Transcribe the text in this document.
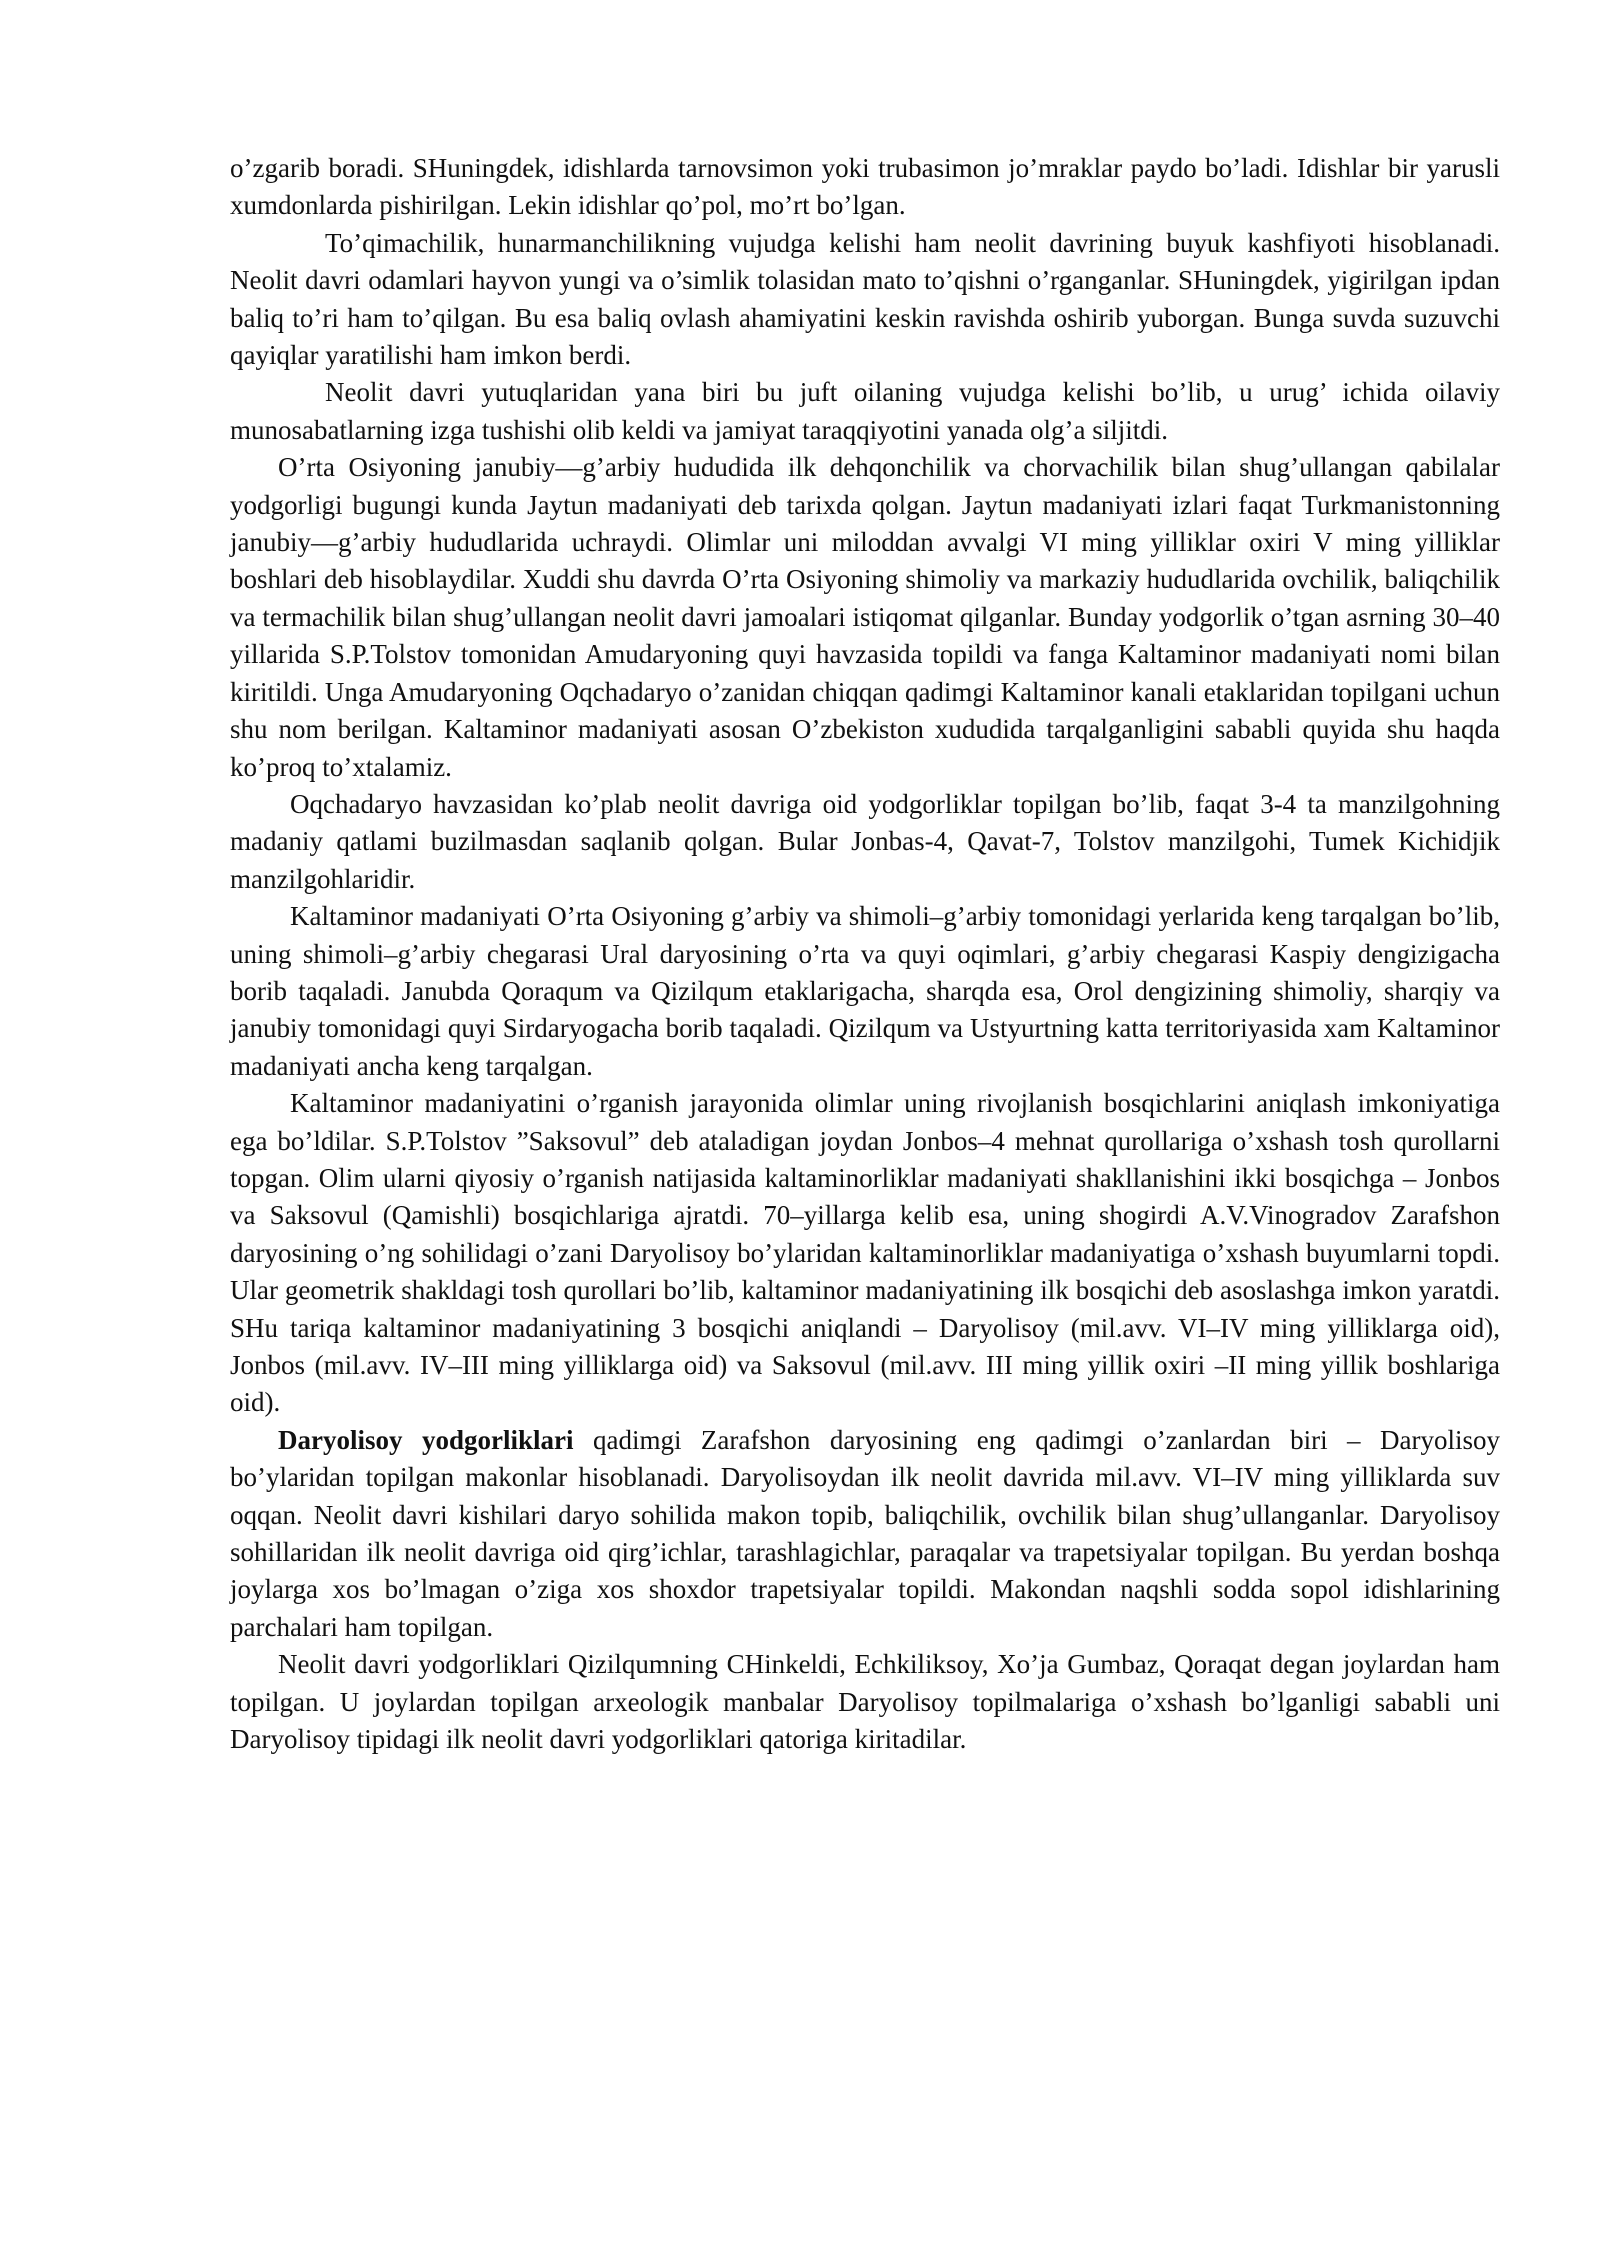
o’zgarib boradi. SHuningdek, idishlarda tarnovsimon yoki trubasimon jo’mraklar paydo bo’ladi. Idishlar bir yarusli xumdonlarda pishirilgan. Lekin idishlar qo’pol, mo’rt bo’lgan.

To’qimachilik, hunarmanchilikning vujudga kelishi ham neolit davrining buyuk kashfiyoti hisoblanadi. Neolit davri odamlari hayvon yungi va o’simlik tolasidan mato to’qishni o’rganganlar. SHuningdek, yigirilgan ipdan baliq to’ri ham to’qilgan. Bu esa baliq ovlash ahamiyatini keskin ravishda oshirib yuborgan. Bunga suvda suzuvchi qayiqlar yaratilishi ham imkon berdi.

Neolit davri yutuqlaridan yana biri bu juft oilaning vujudga kelishi bo’lib, u urug’ ichida oilaviy munosabatlarning izga tushishi olib keldi va jamiyat taraqqiyotini yanada olg’a siljitdi.

O’rta Osiyoning janubiy—g’arbiy hududida ilk dehqonchilik va chorvachilik bilan shug’ullangan qabilalar yodgorligi bugungi kunda Jaytun madaniyati deb tarixda qolgan. Jaytun madaniyati izlari faqat Turkmanistonning janubiy—g’arbiy hududlarida uchraydi. Olimlar uni miloddan avvalgi VI ming yilliklar oxiri V ming yilliklar boshlari deb hisoblaydilar. Xuddi shu davrda O’rta Osiyoning shimoliy va markaziy hududlarida ovchilik, baliqchilik va termachilik bilan shug’ullangan neolit davri jamoalari istiqomat qilganlar. Bunday yodgorlik o’tgan asrning 30–40 yillarida S.P.Tolstov tomonidan Amudaryoning quyi havzasida topildi va fanga Kaltaminor madaniyati nomi bilan kiritildi. Unga Amudaryoning Oqchadaryo o’zanidan chiqqan qadimgi Kaltaminor kanali etaklaridan topilgani uchun shu nom berilgan. Kaltaminor madaniyati asosan O’zbekiston xududida tarqalganligini sababli quyida shu haqda ko’proq to’xtalamiz.

Oqchadaryo havzasidan ko’plab neolit davriga oid yodgorliklar topilgan bo’lib, faqat 3-4 ta manzilgohning madaniy qatlami buzilmasdan saqlanib qolgan. Bular Jonbas-4, Qavat-7, Tolstov manzilgohi, Tumek Kichidjik manzilgohlaridir.

Kaltaminor madaniyati O’rta Osiyoning g’arbiy va shimoli–g’arbiy tomonidagi yerlarida keng tarqalgan bo’lib, uning shimoli–g’arbiy chegarasi Ural daryosining o’rta va quyi oqimlari, g’arbiy chegarasi Kaspiy dengizigacha borib taqaladi. Janubda Qoraqum va Qizilqum etaklarigacha, sharqda esa, Orol dengizining shimoliy, sharqiy va janubiy tomonidagi quyi Sirdaryogacha borib taqaladi. Qizilqum va Ustyurtning katta territoriyasida xam Kaltaminor madaniyati ancha keng tarqalgan.

Kaltaminor madaniyatini o’rganish jarayonida olimlar uning rivojlanish bosqichlarini aniqlash imkoniyatiga ega bo’ldilar. S.P.Tolstov ”Saksovul” deb ataladigan joydan Jonbos–4 mehnat qurollariga o’xshash tosh qurollarni topgan. Olim ularni qiyosiy o’rganish natijasida kaltaminorliklar madaniyati shakllanishini ikki bosqichga – Jonbos va Saksovul (Qamishli) bosqichlariga ajratdi. 70–yillarga kelib esa, uning shogirdi A.V.Vinogradov Zarafshon daryosining o’ng sohilidagi o’zani Daryolisoy bo’ylaridan kaltaminorliklar madaniyatiga o’xshash buyumlarni topdi. Ular geometrik shakldagi tosh qurollari bo’lib, kaltaminor madaniyatining ilk bosqichi deb asoslashga imkon yaratdi. SHu tariqa kaltaminor madaniyatining 3 bosqichi aniqlandi – Daryolisoy (mil.avv. VI–IV ming yilliklarga oid), Jonbos (mil.avv. IV–III ming yilliklarga oid) va Saksovul (mil.avv. III ming yillik oxiri –II ming yillik boshlariga oid).

Daryolisoy yodgorliklari qadimgi Zarafshon daryosining eng qadimgi o’zanlardan biri – Daryolisoy bo’ylaridan topilgan makonlar hisoblanadi. Daryolisoydan ilk neolit davrida mil.avv. VI–IV ming yilliklarda suv oqqan. Neolit davri kishilari daryo sohilida makon topib, baliqchilik, ovchilik bilan shug’ullanganlar. Daryolisoy sohillaridan ilk neolit davriga oid qirg’ichlar, tarashlagichlar, paraqalar va trapetsiyalar topilgan. Bu yerdan boshqa joylarga xos bo’lmagan o’ziga xos shoxdor trapetsiyalar topildi. Makondan naqshli sodda sopol idishlarining parchalari ham topilgan.

Neolit davri yodgorliklari Qizilqumning CHinkeldi, Echkiliksoy, Xo’ja Gumbaz, Qoraqat degan joylardan ham topilgan. U joylardan topilgan arxeologik manbalar Daryolisoy topilmalariga o’xshash bo’lganligi sababli uni Daryolisoy tipidagi ilk neolit davri yodgorliklari qatoriga kiritadilar.
